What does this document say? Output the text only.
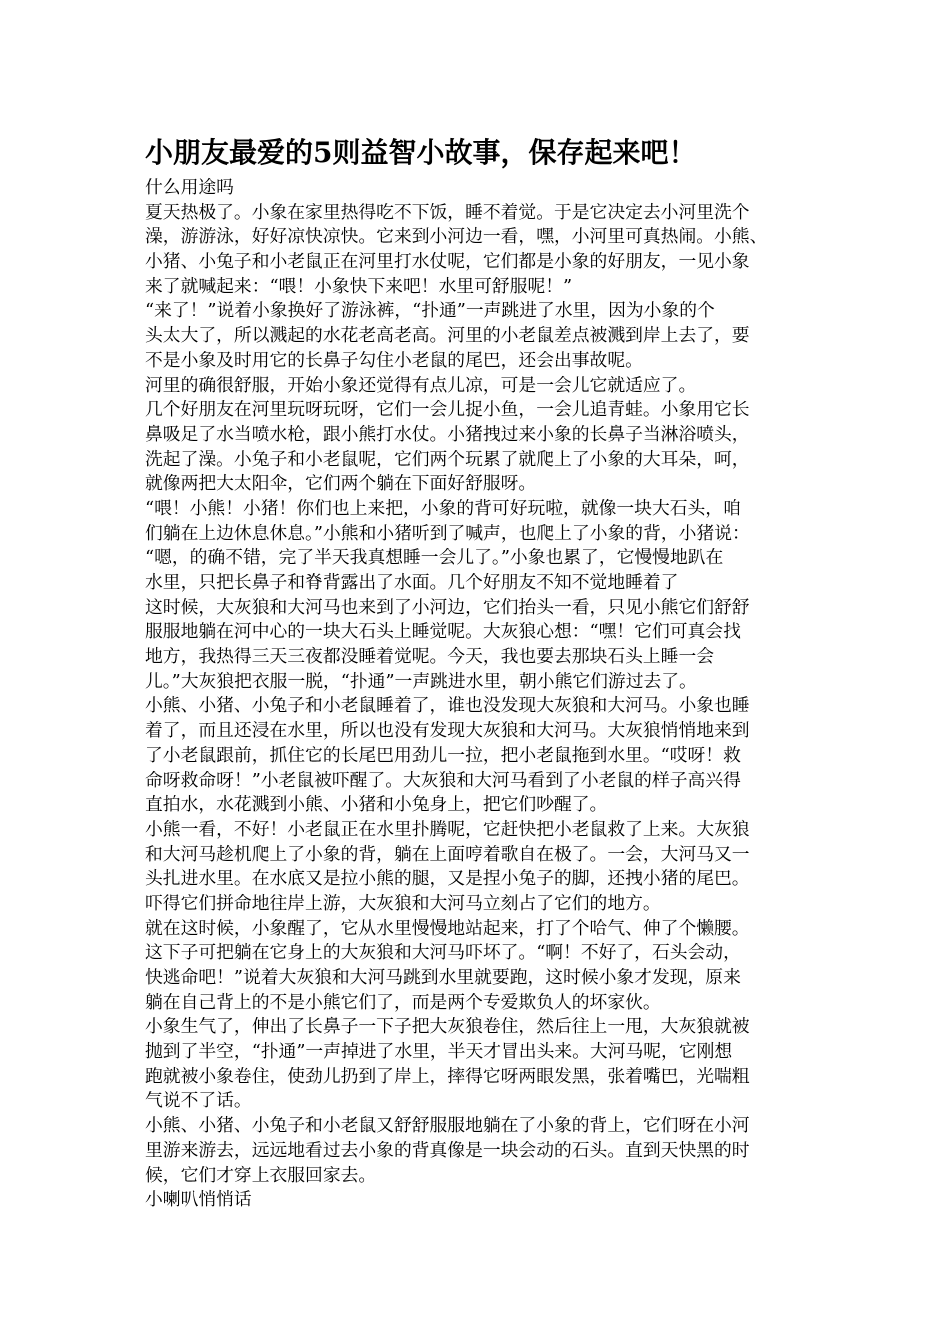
小朋友最爱的5则益智小故事，保存起来吧！
什么用途吗
夏天热极了。小象在家里热得吃不下饭，睡不着觉。于是它决定去小河里洗个
澡，游游泳，好好凉快凉快。它来到小河边一看，嘿，小河里可真热闹。小熊、
小猪、小兔子和小老鼠正在河里打水仗呢，它们都是小象的好朋友，一见小象
来了就喊起来：“喂！小象快下来吧！水里可舒服呢！”
“来了！”说着小象换好了游泳裤，“扑通”一声跳进了水里，因为小象的个
头太大了，所以溅起的水花老高老高。河里的小老鼠差点被溅到岸上去了，要
不是小象及时用它的长鼻子勾住小老鼠的尾巴，还会出事故呢。
河里的确很舒服，开始小象还觉得有点儿凉，可是一会儿它就适应了。
几个好朋友在河里玩呀玩呀，它们一会儿捉小鱼，一会儿追青蛙。小象用它长
鼻吸足了水当喷水枪，跟小熊打水仗。小猪拽过来小象的长鼻子当淋浴喷头，
洗起了澡。小兔子和小老鼠呢，它们两个玩累了就爬上了小象的大耳朵，呵，
就像两把大太阳伞，它们两个躺在下面好舒服呀。
“喂！小熊！小猪！你们也上来把，小象的背可好玩啦，就像一块大石头，咱
们躺在上边休息休息。”小熊和小猪听到了喊声，也爬上了小象的背，小猪说：
“嗯，的确不错，完了半天我真想睡一会儿了。”小象也累了，它慢慢地趴在
水里，只把长鼻子和脊背露出了水面。几个好朋友不知不觉地睡着了
这时候，大灰狼和大河马也来到了小河边，它们抬头一看，只见小熊它们舒舒
服服地躺在河中心的一块大石头上睡觉呢。大灰狼心想：“嘿！它们可真会找
地方，我热得三天三夜都没睡着觉呢。今天，我也要去那块石头上睡一会
儿。”大灰狼把衣服一脱，“扑通”一声跳进水里，朝小熊它们游过去了。
小熊、小猪、小兔子和小老鼠睡着了，谁也没发现大灰狼和大河马。小象也睡
着了，而且还浸在水里，所以也没有发现大灰狼和大河马。大灰狼悄悄地来到
了小老鼠跟前，抓住它的长尾巴用劲儿一拉，把小老鼠拖到水里。“哎呀！救
命呀救命呀！”小老鼠被吓醒了。大灰狼和大河马看到了小老鼠的样子高兴得
直拍水，水花溅到小熊、小猪和小兔身上，把它们吵醒了。
小熊一看，不好！小老鼠正在水里扑腾呢，它赶快把小老鼠救了上来。大灰狼
和大河马趁机爬上了小象的背，躺在上面哼着歌自在极了。一会，大河马又一
头扎进水里。在水底又是拉小熊的腿，又是捏小兔子的脚，还拽小猪的尾巴。
吓得它们拼命地往岸上游，大灰狼和大河马立刻占了它们的地方。
就在这时候，小象醒了，它从水里慢慢地站起来，打了个哈气、伸了个懒腰。
这下子可把躺在它身上的大灰狼和大河马吓坏了。“啊！不好了，石头会动，
快逃命吧！”说着大灰狼和大河马跳到水里就要跑，这时候小象才发现，原来
躺在自己背上的不是小熊它们了，而是两个专爱欺负人的坏家伙。
小象生气了，伸出了长鼻子一下子把大灰狼卷住，然后往上一甩，大灰狼就被
抛到了半空，“扑通”一声掉进了水里，半天才冒出头来。大河马呢，它刚想
跑就被小象卷住，使劲儿扔到了岸上，摔得它呀两眼发黑，张着嘴巴，光喘粗
气说不了话。
小熊、小猪、小兔子和小老鼠又舒舒服服地躺在了小象的背上，它们呀在小河
里游来游去，远远地看过去小象的背真像是一块会动的石头。直到天快黑的时
候，它们才穿上衣服回家去。
小喇叭悄悄话
